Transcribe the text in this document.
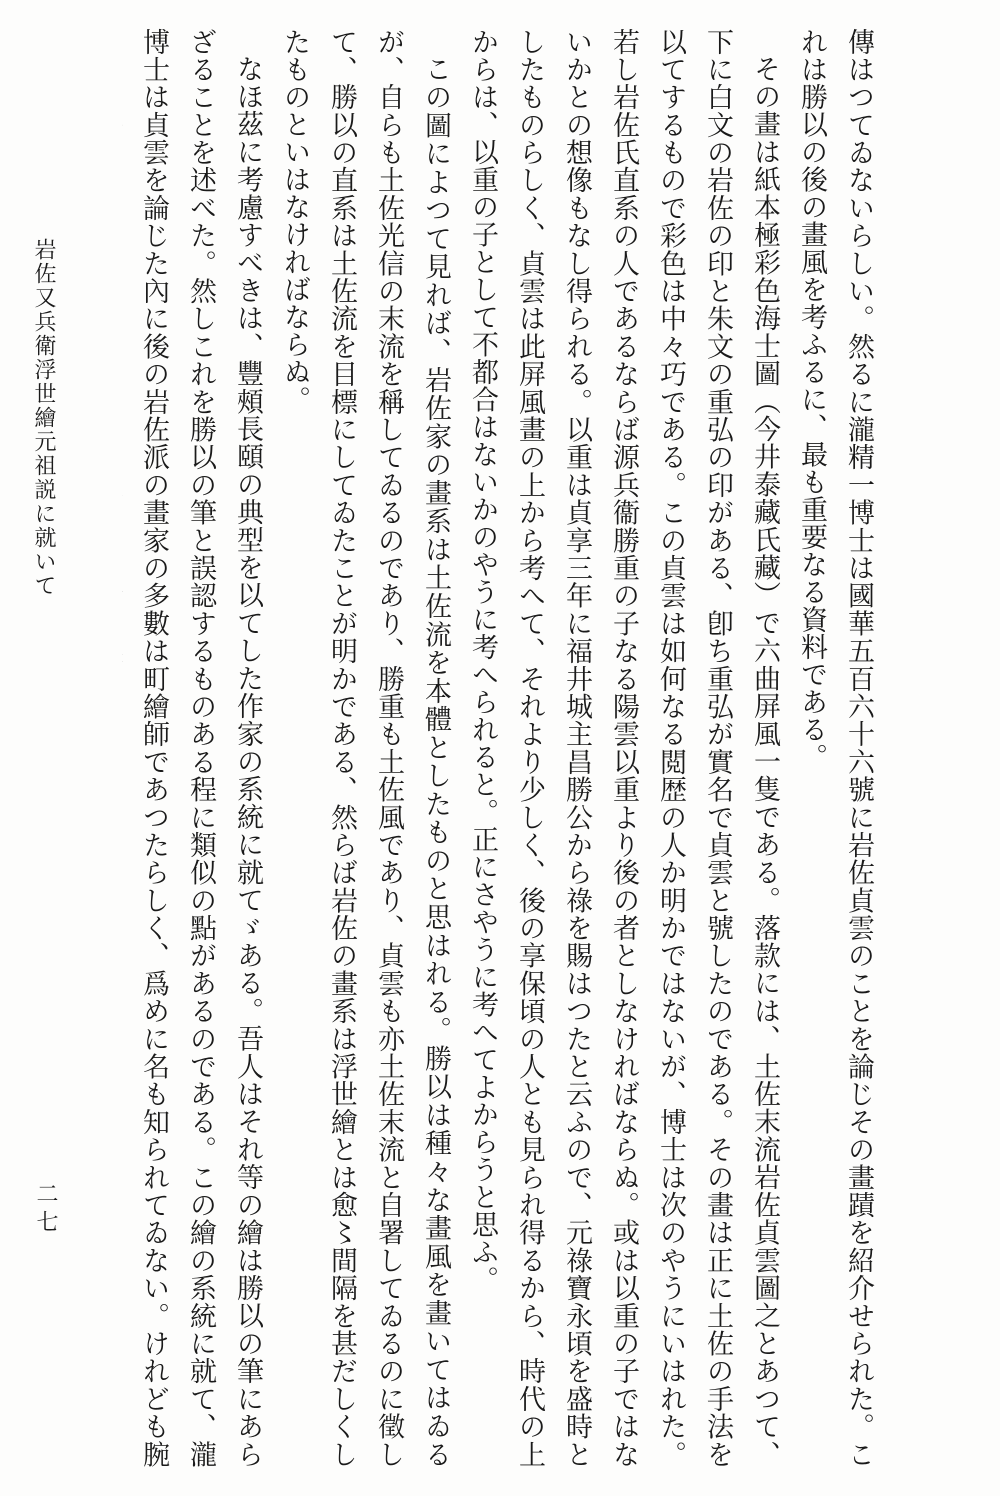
傳はつてゐないらしい。然るに瀧精一博士は國華五百六十六號に岩佐貞雲のことを論じその畫蹟を紹介せられた。これは勝以の後の畫風を考ふるに、最も重要なる資料である。

その畫は紙本極彩色海士圖（今井泰藏氏藏）で六曲屏風一隻である。落款には、土佐末流岩佐貞雲圖之とあつて、下に白文の岩佐の印と朱文の重弘の印がある、卽ち重弘が實名で貞雲と號したのである。その畫は正に土佐の手法を以てするもので彩色は中々巧である。この貞雲は如何なる閲歴の人か明かではないが、博士は次のやうにいはれた。若し岩佐氏直系の人であるならば源兵衞勝重の子なる陽雲以重より後の者としなければならぬ。或は以重の子ではないかとの想像もなし得られる。以重は貞享三年に福井城主昌勝公から祿を賜はつたと云ふので、元祿寶永頃を盛時としたものらしく、貞雲は此屏風畫の上から考へて、それより少しく、後の享保頃の人とも見られ得るから、時代の上からは、以重の子として不都合はないかのやうに考へられると。正にさやうに考へてよからうと思ふ。

この圖によつて見れば、岩佐家の畫系は土佐流を本體としたものと思はれる。勝以は種々な畫風を畫いてはゐるが、自らも土佐光信の末流を稱してゐるのであり、勝重も土佐風であり、貞雲も亦土佐末流と自署してゐるのに徵して、勝以の直系は土佐流を目標にしてゐたことが明かである、然らば岩佐の畫系は浮世繪とは愈〻間隔を甚だしくしたものといはなければならぬ。

なほ茲に考慮すべきは、豐頰長頤の典型を以てした作家の系統に就てゞある。吾人はそれ等の繪は勝以の筆にあらざることを述べた。然しこれを勝以の筆と誤認するものある程に類似の點があるのである。この繪の系統に就て、瀧博士は貞雲を論じた內に後の岩佐派の畫家の多數は町繪師であつたらしく、爲めに名も知られてゐない。けれども腕

岩佐又兵衛浮世繪元祖説に就いて
二七
